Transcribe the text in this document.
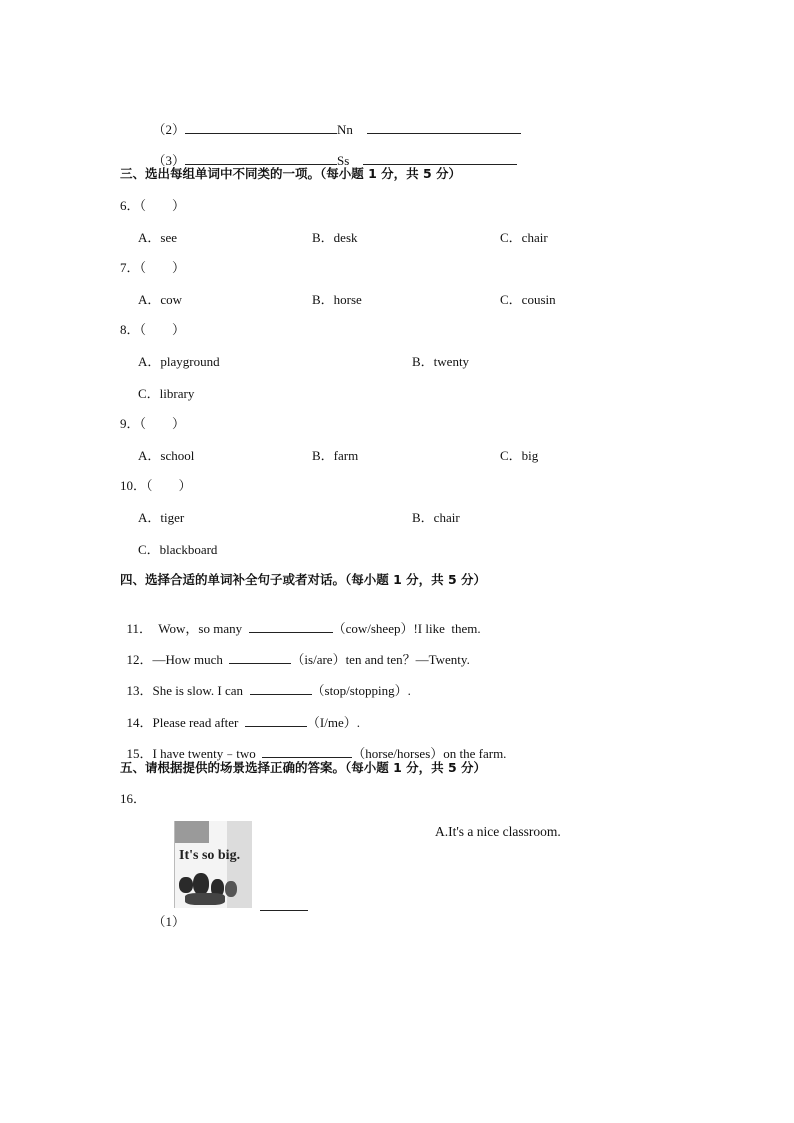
（2）	Nn

（3）	Ss

三、选出每组单词中不同类的一项。（每小题 1 分，共 5 分）
6．（　　）
A．see	B．desk	C．chair
7．（　　）
A．cow	B．horse	C．cousin
8．（　　）
A．playground	B．twenty
C．library
9．（　　）
A．school	B．farm	C．big
10．（　　）
A．tiger	B．chair
C．blackboard
四、选择合适的单词补全句子或者对话。（每小题 1 分，共 5 分）

11．  Wow，so many	（cow/sheep）!I like  them.

12．—How much	（is/are）ten and ten？—Twenty.

13．She is slow. I can	（stop/stopping）.

14．Please read after	（I/me）.

15．I have twenty﹣two	（horse/horses）on the farm.

五、请根据提供的场景选择正确的答案。（每小题 1 分，共 5 分）
16．
It's so big.

（1）

A.It's a nice classroom.
